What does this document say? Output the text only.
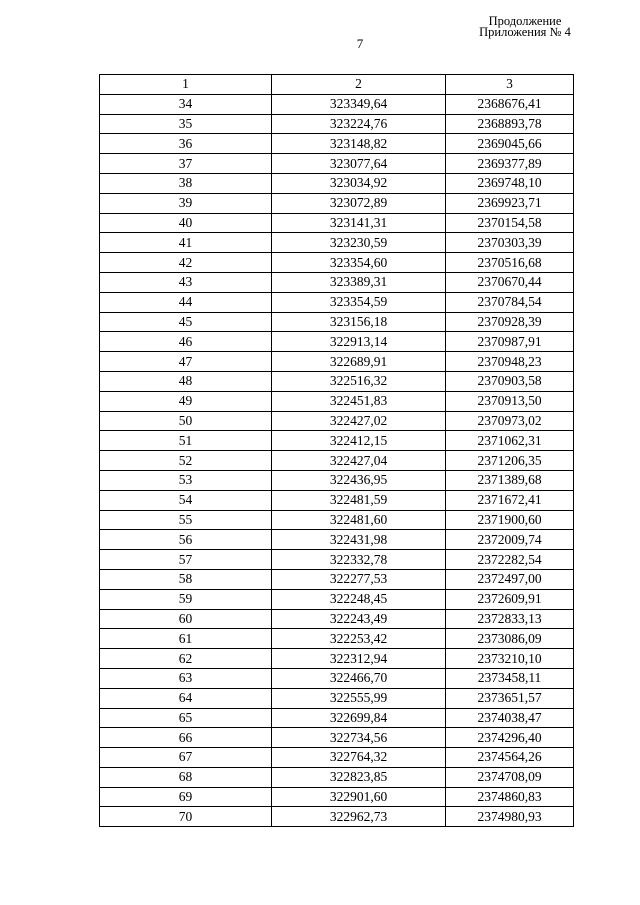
Продолжение
Приложения № 4
7
1	2	3
34	323349,64	2368676,41
35	323224,76	2368893,78
36	323148,82	2369045,66
37	323077,64	2369377,89
38	323034,92	2369748,10
39	323072,89	2369923,71
40	323141,31	2370154,58
41	323230,59	2370303,39
42	323354,60	2370516,68
43	323389,31	2370670,44
44	323354,59	2370784,54
45	323156,18	2370928,39
46	322913,14	2370987,91
47	322689,91	2370948,23
48	322516,32	2370903,58
49	322451,83	2370913,50
50	322427,02	2370973,02
51	322412,15	2371062,31
52	322427,04	2371206,35
53	322436,95	2371389,68
54	322481,59	2371672,41
55	322481,60	2371900,60
56	322431,98	2372009,74
57	322332,78	2372282,54
58	322277,53	2372497,00
59	322248,45	2372609,91
60	322243,49	2372833,13
61	322253,42	2373086,09
62	322312,94	2373210,10
63	322466,70	2373458,11
64	322555,99	2373651,57
65	322699,84	2374038,47
66	322734,56	2374296,40
67	322764,32	2374564,26
68	322823,85	2374708,09
69	322901,60	2374860,83
70	322962,73	2374980,93
